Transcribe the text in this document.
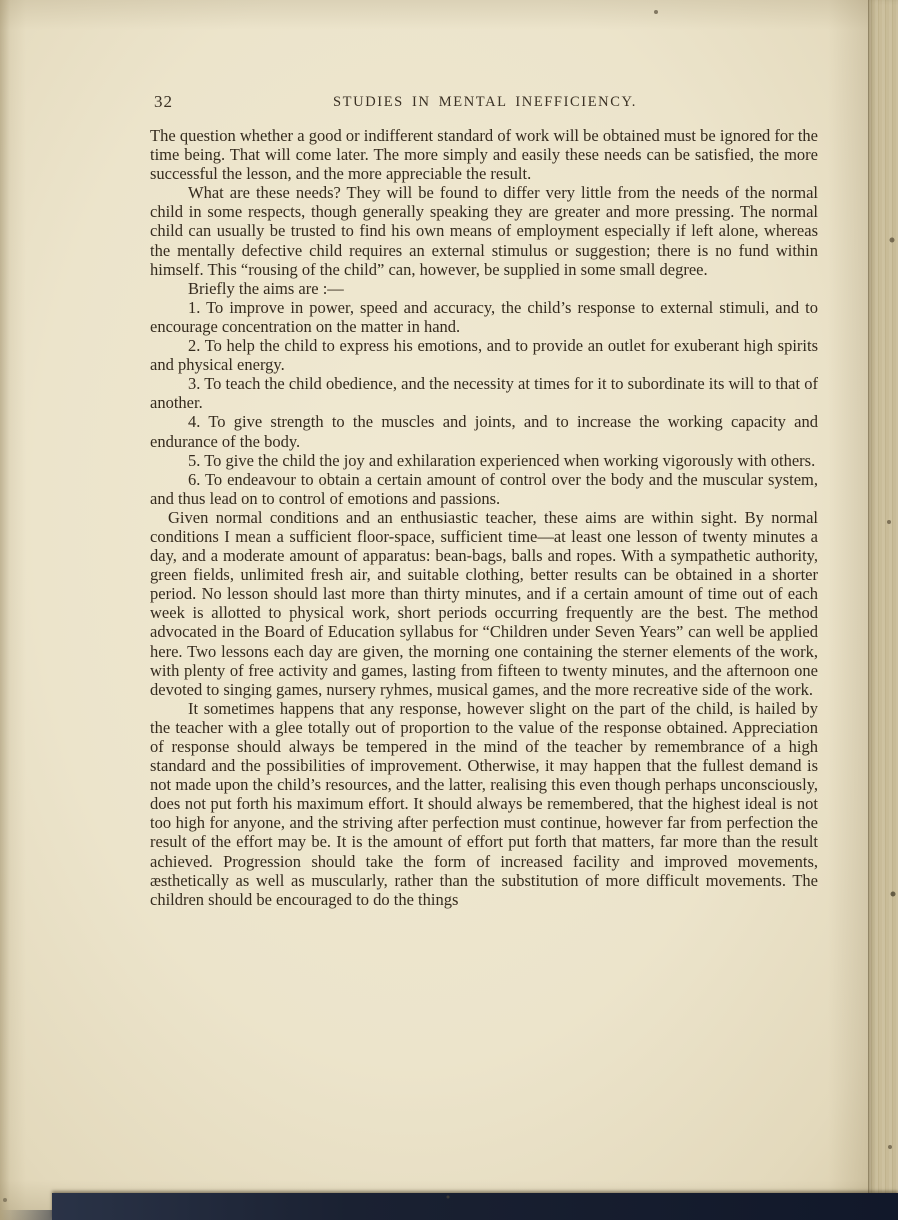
32	STUDIES IN MENTAL INEFFICIENCY.

The question whether a good or indifferent standard of work will be obtained must be ignored for the time being. That will come later. The more simply and easily these needs can be satisfied, the more successful the lesson, and the more appreciable the result.

What are these needs? They will be found to differ very little from the needs of the normal child in some respects, though generally speaking they are greater and more pressing. The normal child can usually be trusted to find his own means of employment especially if left alone, whereas the mentally defective child requires an external stimulus or suggestion; there is no fund within himself. This “rousing of the child” can, however, be supplied in some small degree.

Briefly the aims are :—

1. To improve in power, speed and accuracy, the child’s response to external stimuli, and to encourage concentration on the matter in hand.

2. To help the child to express his emotions, and to provide an outlet for exuberant high spirits and physical energy.

3. To teach the child obedience, and the necessity at times for it to subordinate its will to that of another.

4. To give strength to the muscles and joints, and to increase the working capacity and endurance of the body.

5. To give the child the joy and exhilaration experienced when working vigorously with others.

6. To endeavour to obtain a certain amount of control over the body and the muscular system, and thus lead on to control of emotions and passions.

Given normal conditions and an enthusiastic teacher, these aims are within sight. By normal conditions I mean a sufficient floor-space, sufficient time—at least one lesson of twenty minutes a day, and a moderate amount of apparatus: bean-bags, balls and ropes. With a sympathetic authority, green fields, unlimited fresh air, and suitable clothing, better results can be obtained in a shorter period. No lesson should last more than thirty minutes, and if a certain amount of time out of each week is allotted to physical work, short periods occurring frequently are the best. The method advocated in the Board of Education syllabus for “Children under Seven Years” can well be applied here. Two lessons each day are given, the morning one containing the sterner elements of the work, with plenty of free activity and games, lasting from fifteen to twenty minutes, and the afternoon one devoted to singing games, nursery ryhmes, musical games, and the more recreative side of the work.

It sometimes happens that any response, however slight on the part of the child, is hailed by the teacher with a glee totally out of proportion to the value of the response obtained. Appreciation of response should always be tempered in the mind of the teacher by remembrance of a high standard and the possibilities of improvement. Otherwise, it may happen that the fullest demand is not made upon the child’s resources, and the latter, realising this even though perhaps unconsciously, does not put forth his maximum effort. It should always be remembered, that the highest ideal is not too high for anyone, and the striving after perfection must continue, however far from perfection the result of the effort may be. It is the amount of effort put forth that matters, far more than the result achieved. Progression should take the form of increased facility and improved movements, æsthetically as well as muscularly, rather than the substitution of more difficult movements. The children should be encouraged to do the things
